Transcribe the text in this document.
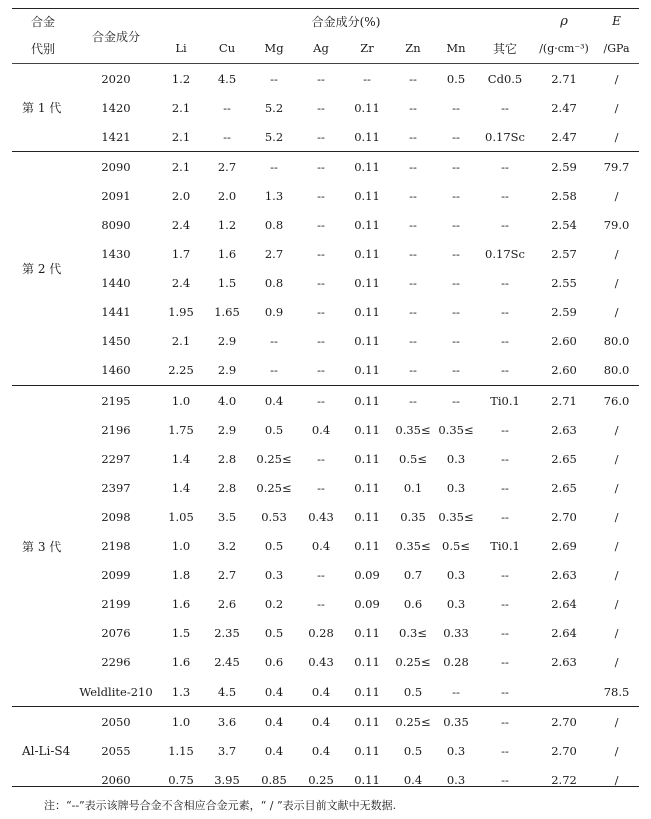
合金	合金成分	合金成分(%)								ρ	E
代别		Li	Cu	Mg	Ag	Zr	Zn	Mn	其它	/(g·cm⁻³)	/GPa
第 1 代	2020	1.2	4.5	--	--	--	--	0.5	Cd0.5	2.71	/
	1420	2.1	--	5.2	--	0.11	--	--	--	2.47	/
	1421	2.1	--	5.2	--	0.11	--	--	0.17Sc	2.47	/
第 2 代	2090	2.1	2.7	--	--	0.11	--	--	--	2.59	79.7
	2091	2.0	2.0	1.3	--	0.11	--	--	--	2.58	/
	8090	2.4	1.2	0.8	--	0.11	--	--	--	2.54	79.0
	1430	1.7	1.6	2.7	--	0.11	--	--	0.17Sc	2.57	/
	1440	2.4	1.5	0.8	--	0.11	--	--	--	2.55	/
	1441	1.95	1.65	0.9	--	0.11	--	--	--	2.59	/
	1450	2.1	2.9	--	--	0.11	--	--	--	2.60	80.0
	1460	2.25	2.9	--	--	0.11	--	--	--	2.60	80.0
第 3 代	2195	1.0	4.0	0.4	--	0.11	--	--	Ti0.1	2.71	76.0
	2196	1.75	2.9	0.5	0.4	0.11	0.35≤	0.35≤	--	2.63	/
	2297	1.4	2.8	0.25≤	--	0.11	0.5≤	0.3	--	2.65	/
	2397	1.4	2.8	0.25≤	--	0.11	0.1	0.3	--	2.65	/
	2098	1.05	3.5	0.53	0.43	0.11	0.35	0.35≤	--	2.70	/
	2198	1.0	3.2	0.5	0.4	0.11	0.35≤	0.5≤	Ti0.1	2.69	/
	2099	1.8	2.7	0.3	--	0.09	0.7	0.3	--	2.63	/
	2199	1.6	2.6	0.2	--	0.09	0.6	0.3	--	2.64	/
	2076	1.5	2.35	0.5	0.28	0.11	0.3≤	0.33	--	2.64	/
	2296	1.6	2.45	0.6	0.43	0.11	0.25≤	0.28	--	2.63	/
	Weldlite-210	1.3	4.5	0.4	0.4	0.11	0.5	--	--		78.5
Al-Li-S4	2050	1.0	3.6	0.4	0.4	0.11	0.25≤	0.35	--	2.70	/
	2055	1.15	3.7	0.4	0.4	0.11	0.5	0.3	--	2.70	/
	2060	0.75	3.95	0.85	0.25	0.11	0.4	0.3	--	2.72	/
注：“--”表示该牌号合金不含相应合金元素，“ / ”表示目前文献中无数据.
